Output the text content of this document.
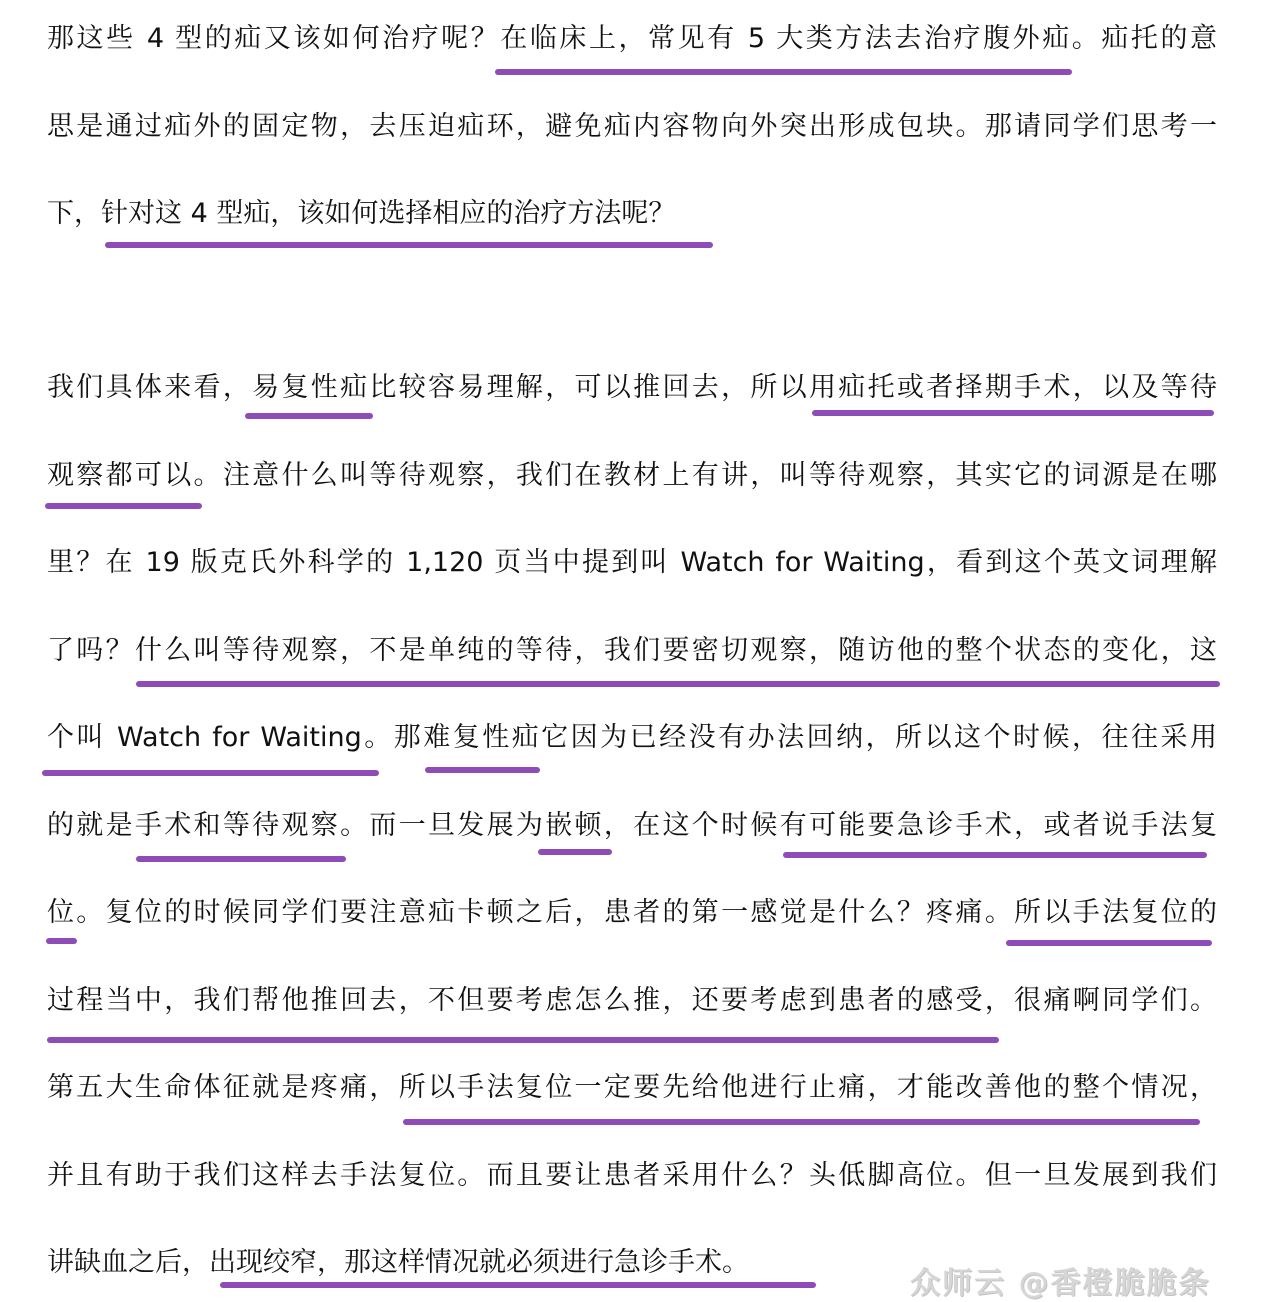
那这些 4 型的疝又该如何治疗呢？在临床上，常见有 5 大类方法去治疗腹外疝。疝托的意
思是通过疝外的固定物，去压迫疝环，避免疝内容物向外突出形成包块。那请同学们思考一
下，针对这 4 型疝，该如何选择相应的治疗方法呢？
我们具体来看，易复性疝比较容易理解，可以推回去，所以用疝托或者择期手术，以及等待
观察都可以。注意什么叫等待观察，我们在教材上有讲，叫等待观察，其实它的词源是在哪
里？在 19 版克氏外科学的 1,120 页当中提到叫 Watch for Waiting，看到这个英文词理解
了吗？什么叫等待观察，不是单纯的等待，我们要密切观察，随访他的整个状态的变化，这
个叫 Watch for Waiting。那难复性疝它因为已经没有办法回纳，所以这个时候，往往采用
的就是手术和等待观察。而一旦发展为嵌顿，在这个时候有可能要急诊手术，或者说手法复
位。复位的时候同学们要注意疝卡顿之后，患者的第一感觉是什么？疼痛。所以手法复位的
过程当中，我们帮他推回去，不但要考虑怎么推，还要考虑到患者的感受，很痛啊同学们。
第五大生命体征就是疼痛，所以手法复位一定要先给他进行止痛，才能改善他的整个情况，
并且有助于我们这样去手法复位。而且要让患者采用什么？头低脚高位。但一旦发展到我们
讲缺血之后，出现绞窄，那这样情况就必须进行急诊手术。
众师云 @香橙脆脆条
